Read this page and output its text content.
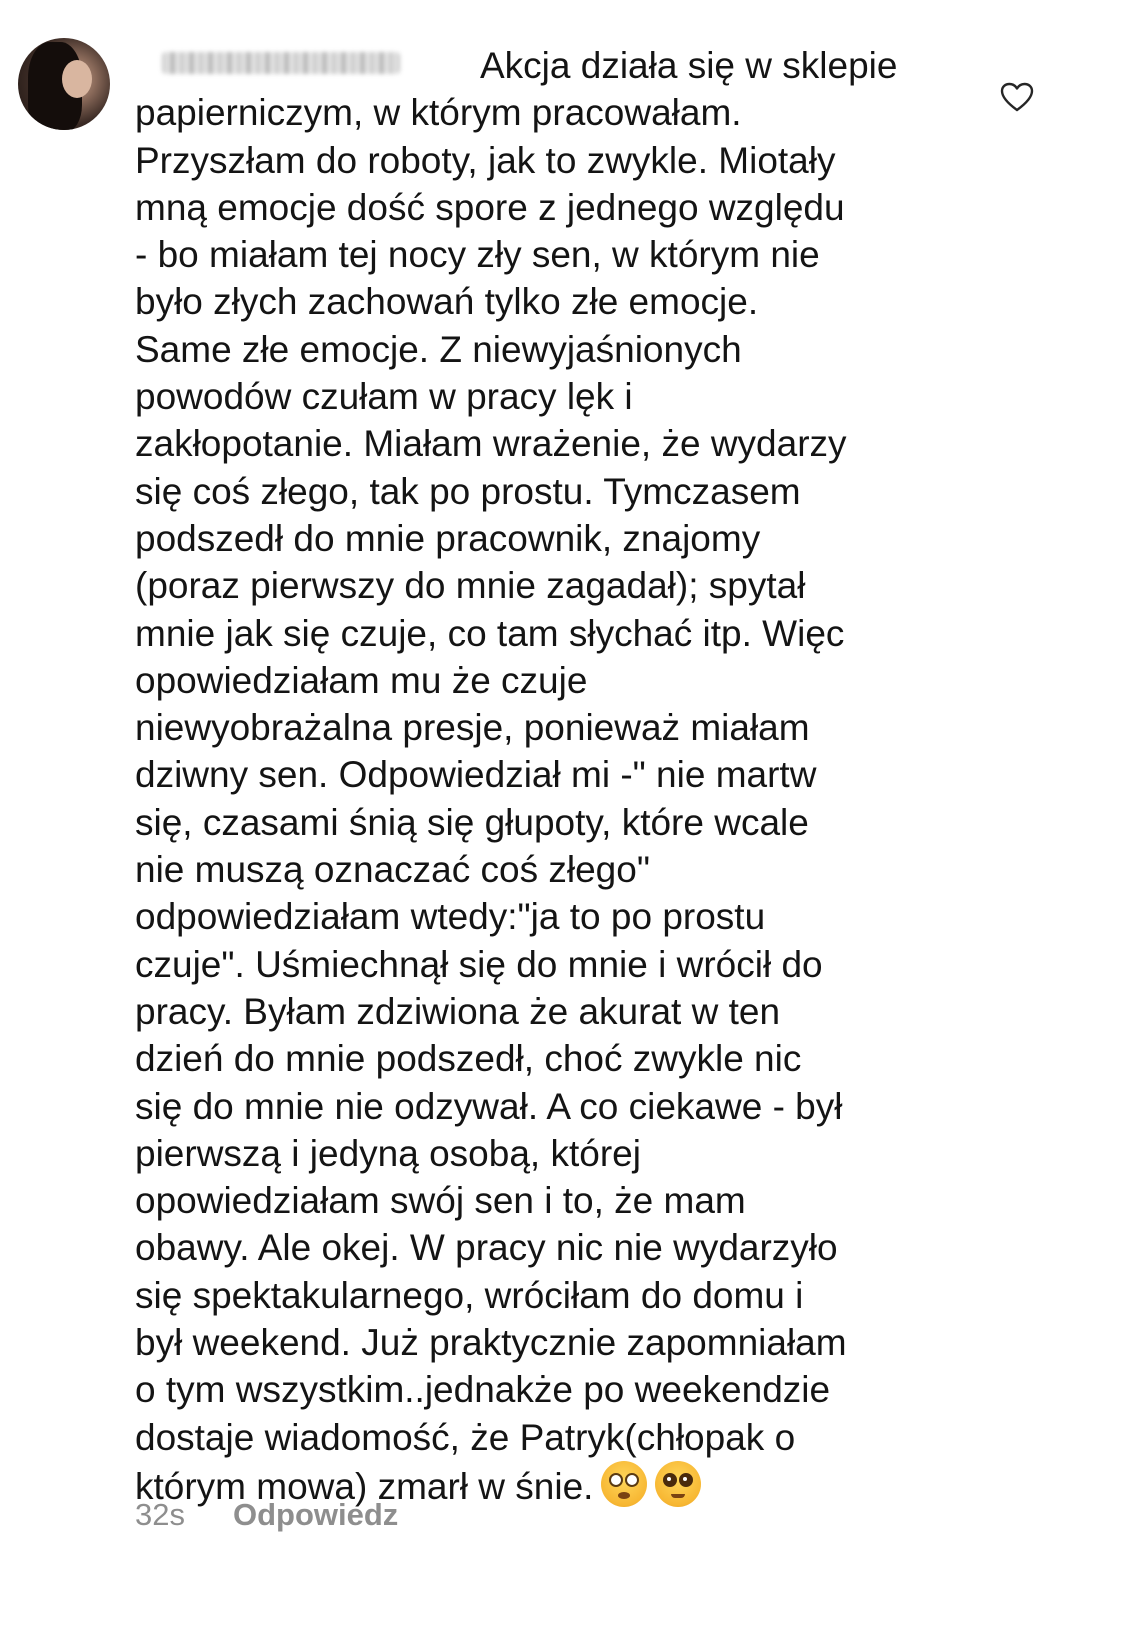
Akcja działa się w sklepie
papierniczym, w którym pracowałam.
Przyszłam do roboty, jak to zwykle. Miotały
mną emocje dość spore z jednego względu
- bo miałam tej nocy zły sen, w którym nie
było złych zachowań tylko złe emocje.
Same złe emocje. Z niewyjaśnionych
powodów czułam w pracy lęk i
zakłopotanie. Miałam wrażenie, że wydarzy
się coś złego, tak po prostu. Tymczasem
podszedł do mnie pracownik, znajomy
(poraz pierwszy do mnie zagadał); spytał
mnie jak się czuje, co tam słychać itp. Więc
opowiedziałam mu że czuje
niewyobrażalna presje, ponieważ miałam
dziwny sen. Odpowiedział mi -" nie martw
się, czasami śnią się głupoty, które wcale
nie muszą oznaczać coś złego"
odpowiedziałam wtedy:"ja to po prostu
czuje". Uśmiechnął się do mnie i wrócił do
pracy. Byłam zdziwiona że akurat w ten
dzień do mnie podszedł, choć zwykle nic
się do mnie nie odzywał. A co ciekawe - był
pierwszą i jedyną osobą, której
opowiedziałam swój sen i to, że mam
obawy. Ale okej. W pracy nic nie wydarzyło
się spektakularnego, wróciłam do domu i
był weekend. Już praktycznie zapomniałam
o tym wszystkim..jednakże po weekendzie
dostaje wiadomość, że Patryk(chłopak o
którym mowa) zmarł w śnie.
32s Odpowiedz
